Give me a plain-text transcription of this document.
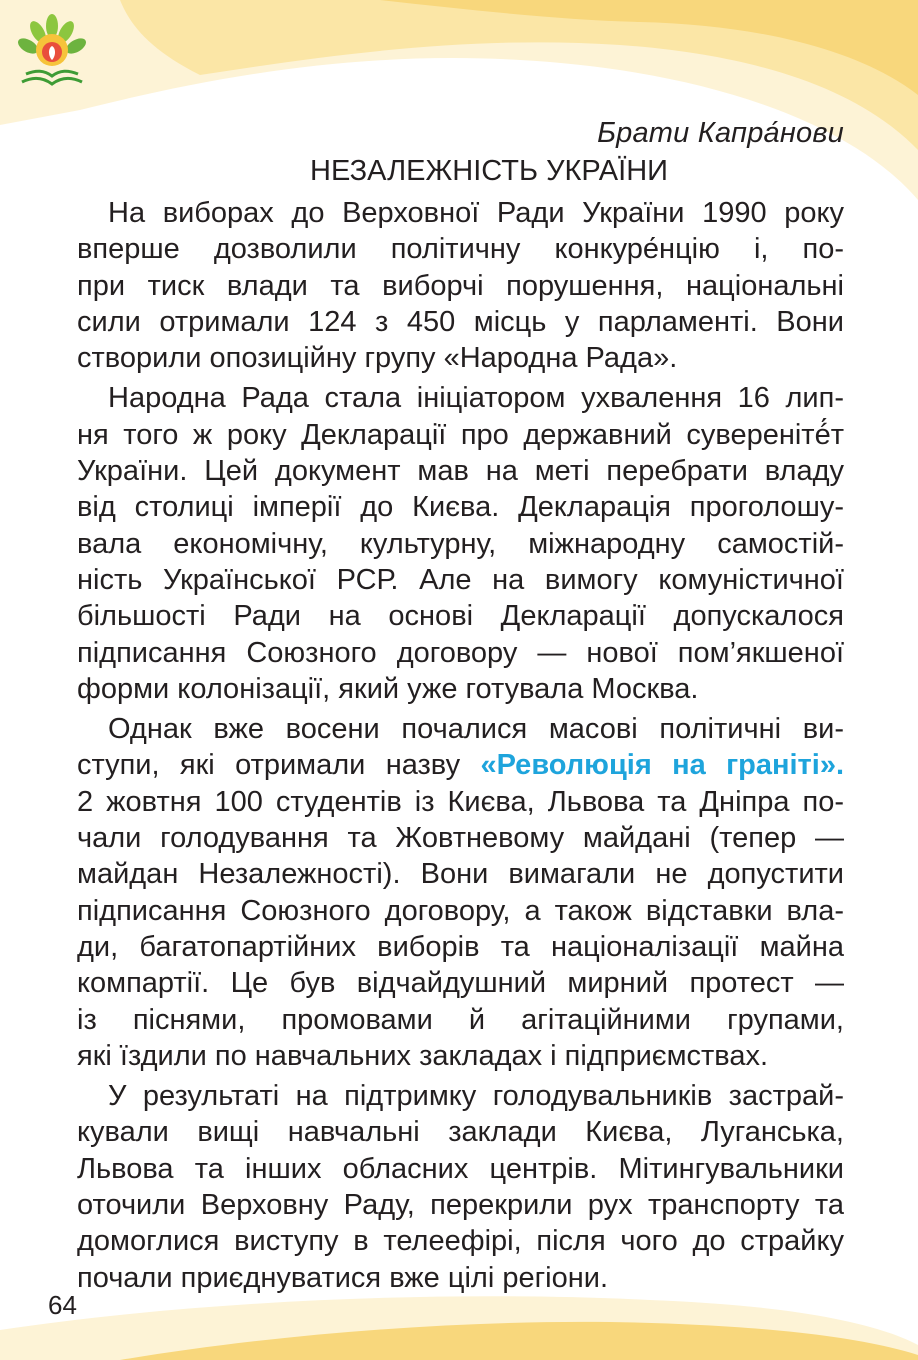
Брати Капра́нови
НЕЗАЛЕЖНІСТЬ УКРАЇНИ
На виборах до Верховної Ради України 1990 року
вперше дозволили політичну конкуре́нцію і, по-
при тиск влади та виборчі порушення, національні
сили отримали 124 з 450 місць у парламенті. Вони
створили опозиційну групу «Народна Рада».
Народна Рада стала ініціатором ухвалення 16 лип-
ня того ж року Декларації про державний суверенітé́т
України. Цей документ мав на меті перебрати владу
від столиці імперії до Києва. Декларація проголошу-
вала економічну, культурну, міжнародну самостій-
ність Української РСР. Але на вимогу комуністичної
більшості Ради на основі Декларації допускалося
підписання Союзного договору — нової пом’якшеної
форми колонізації, який уже готувала Москва.
Однак вже восени почалися масові політичні ви-
ступи, які отримали назву «Революція на граніті».
2 жовтня 100 студентів із Києва, Львова та Дніпра по-
чали голодування та Жовтневому майдані (тепер —
майдан Незалежності). Вони вимагали не допустити
підписання Союзного договору, а також відставки вла-
ди, багатопартійних виборів та націоналізації майна
компартії. Це був відчайдушний мирний протест —
із піснями, промовами й агітаційними групами,
які їздили по навчальних закладах і підприємствах.
У результаті на підтримку голодувальників застрай-
кували вищі навчальні заклади Києва, Луганська,
Львова та інших обласних центрів. Мітингувальники
оточили Верховну Раду, перекрили рух транспорту та
домоглися виступу в телеефірі, після чого до страйку
почали приєднуватися вже цілі регіони.
64
